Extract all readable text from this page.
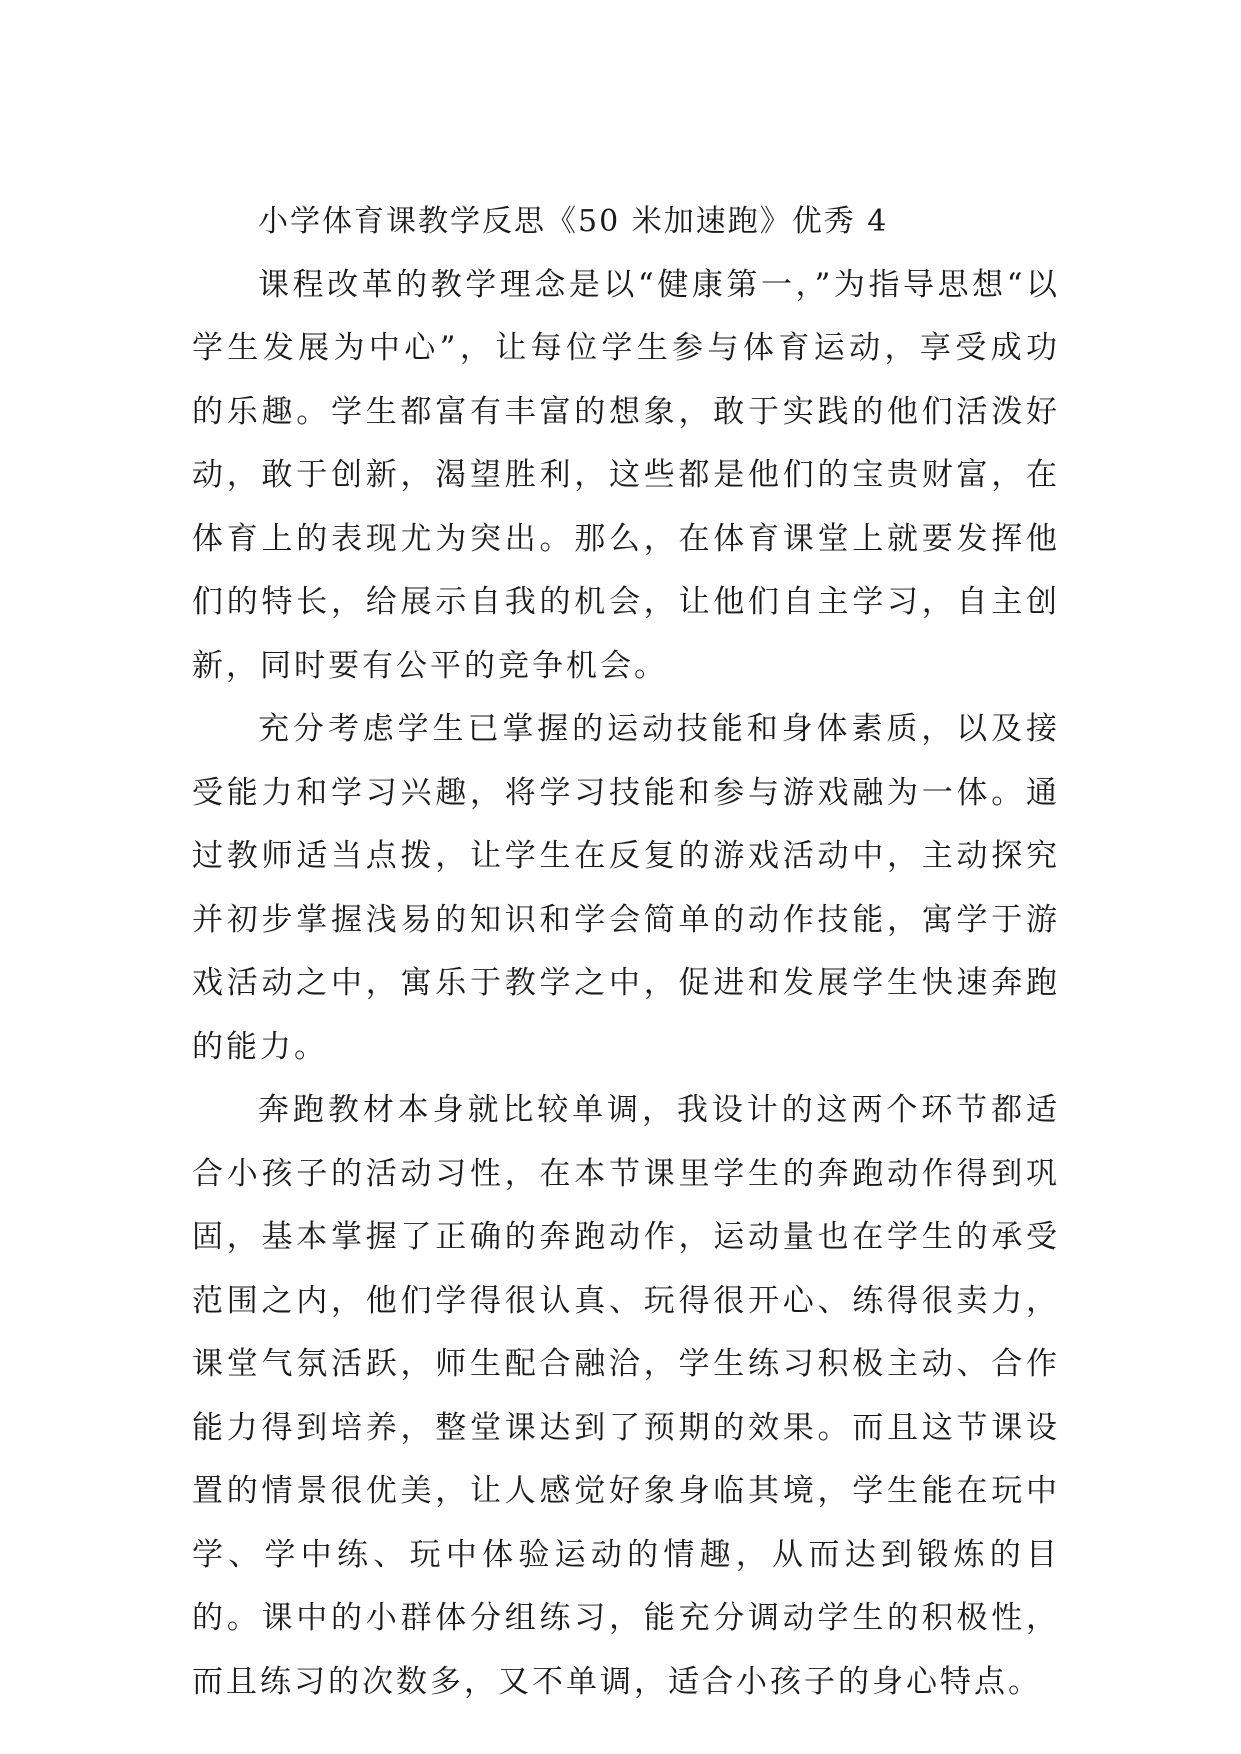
小学体育课教学反思《50 米加速跑》优秀 4

课程改革的教学理念是以“健康第一，”为指导思想“以学生发展为中心”，让每位学生参与体育运动，享受成功的乐趣。学生都富有丰富的想象，敢于实践的他们活泼好动，敢于创新，渴望胜利，这些都是他们的宝贵财富，在体育上的表现尤为突出。那么，在体育课堂上就要发挥他们的特长，给展示自我的机会，让他们自主学习，自主创新，同时要有公平的竞争机会。

充分考虑学生已掌握的运动技能和身体素质，以及接受能力和学习兴趣，将学习技能和参与游戏融为一体。通过教师适当点拨，让学生在反复的游戏活动中，主动探究并初步掌握浅易的知识和学会简单的动作技能，寓学于游戏活动之中，寓乐于教学之中，促进和发展学生快速奔跑的能力。

奔跑教材本身就比较单调，我设计的这两个环节都适合小孩子的活动习性，在本节课里学生的奔跑动作得到巩固，基本掌握了正确的奔跑动作，运动量也在学生的承受范围之内，他们学得很认真、玩得很开心、练得很卖力，课堂气氛活跃，师生配合融洽，学生练习积极主动、合作能力得到培养，整堂课达到了预期的效果。而且这节课设置的情景很优美，让人感觉好象身临其境，学生能在玩中学、学中练、玩中体验运动的情趣，从而达到锻炼的目的。课中的小群体分组练习，能充分调动学生的积极性，而且练习的次数多，又不单调，适合小孩子的身心特点。
